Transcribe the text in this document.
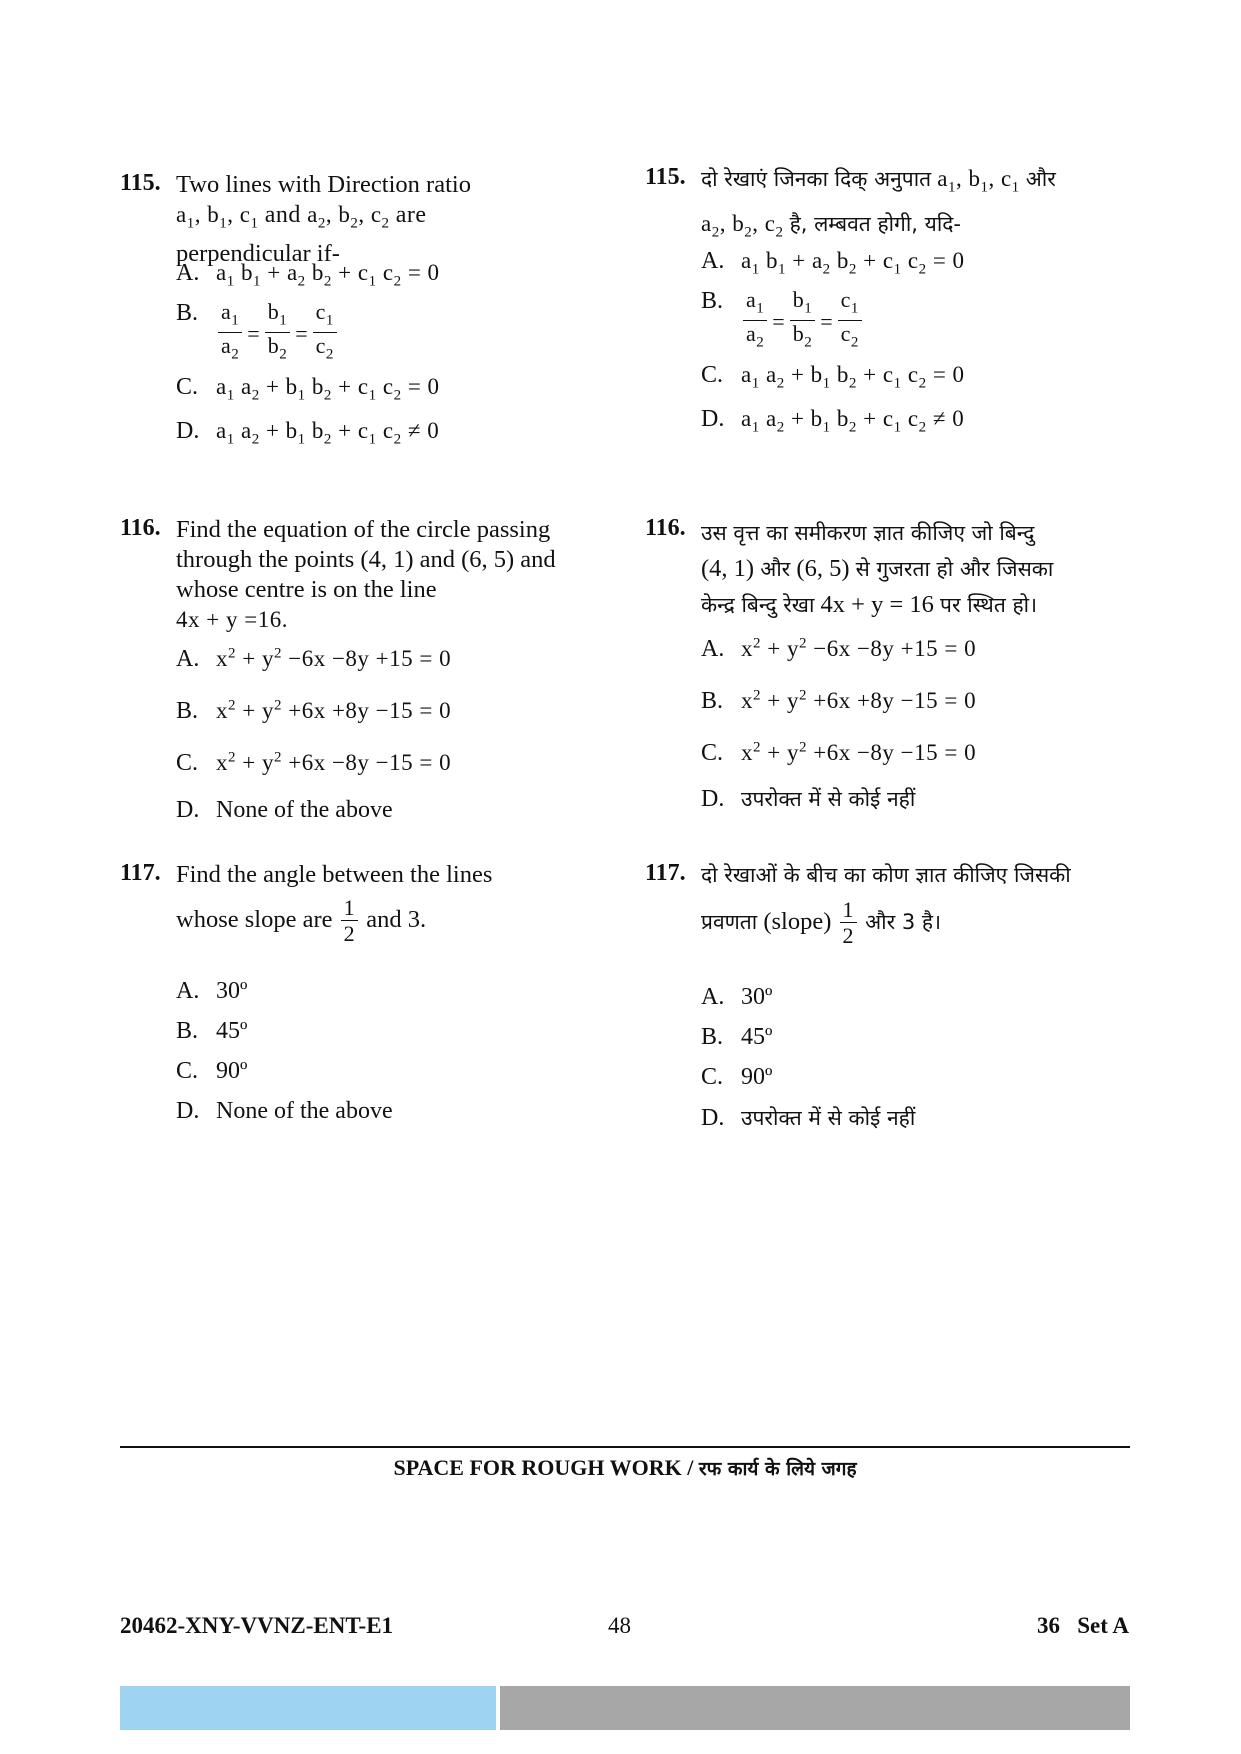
115. Two lines with Direction ratio
$a_1$, $b_1$, $c_1$ and $a_2$, $b_2$, $c_2$ are
perpendicular if-
A. $a_1$ $b_1 + a_2$ $b_2 + c_1$ $c_2 = 0$
B. $\frac{a_1}{a_2} = \frac{b_1}{b_2} = \frac{c_1}{c_2}$
C. $a_1$ $a_2 + b_1$ $b_2 + c_1$ $c_2 = 0$
D. $a_1$ $a_2 + b_1$ $b_2 + c_1$ $c_2 \ne 0$
116. Find the equation of the circle passing through the points (4, 1) and (6, 5) and whose centre is on the line
4x + y =16.
A. $x^2 + y^2 -6x -8y +15 = 0$
B. $x^2 + y^2 +6x +8y -15 = 0$
C. $x^2 + y^2 +6x -8y -15 = 0$
D. None of the above
117. Find the angle between the lines
whose slope are $\frac{1}{2}$ and 3.
A. 30º
B. 45º
C. 90º
D. None of the above
115. दो रेखाएं जिनका दिक् अनुपात $a_1$, $b_1$, $c_1$ और
$a_2$, $b_2$, $c_2$ है, लम्बवत होगी, यदि-
A. $a_1$ $b_1 + a_2$ $b_2 + c_1$ $c_2 = 0$
B. $\frac{a_1}{a_2} = \frac{b_1}{b_2} = \frac{c_1}{c_2}$
C. $a_1$ $a_2 + b_1$ $b_2 + c_1$ $c_2 = 0$
D. $a_1$ $a_2 + b_1$ $b_2 + c_1$ $c_2 \ne 0$
116. उस वृत्त का समीकरण ज्ञात कीजिए जो बिन्दु
(4, 1) और (6, 5) से गुजरता हो और जिसका
केन्द्र बिन्दु रेखा 4x + y = 16 पर स्थित हो।
A. $x^2 + y^2 -6x -8y +15 = 0$
B. $x^2 + y^2 +6x +8y -15 = 0$
C. $x^2 + y^2 +6x -8y -15 = 0$
D. उपरोक्त में से कोई नहीं
117. दो रेखाओं के बीच का कोण ज्ञात कीजिए जिसकी
प्रवणता (slope) $\frac{1}{2}$ और 3 है।
A. 30º
B. 45º
C. 90º
D. उपरोक्त में से कोई नहीं
SPACE FOR ROUGH WORK / रफ कार्य के लिये जगह
20462-XNY-VVNZ-ENT-E1	48	36   Set A
